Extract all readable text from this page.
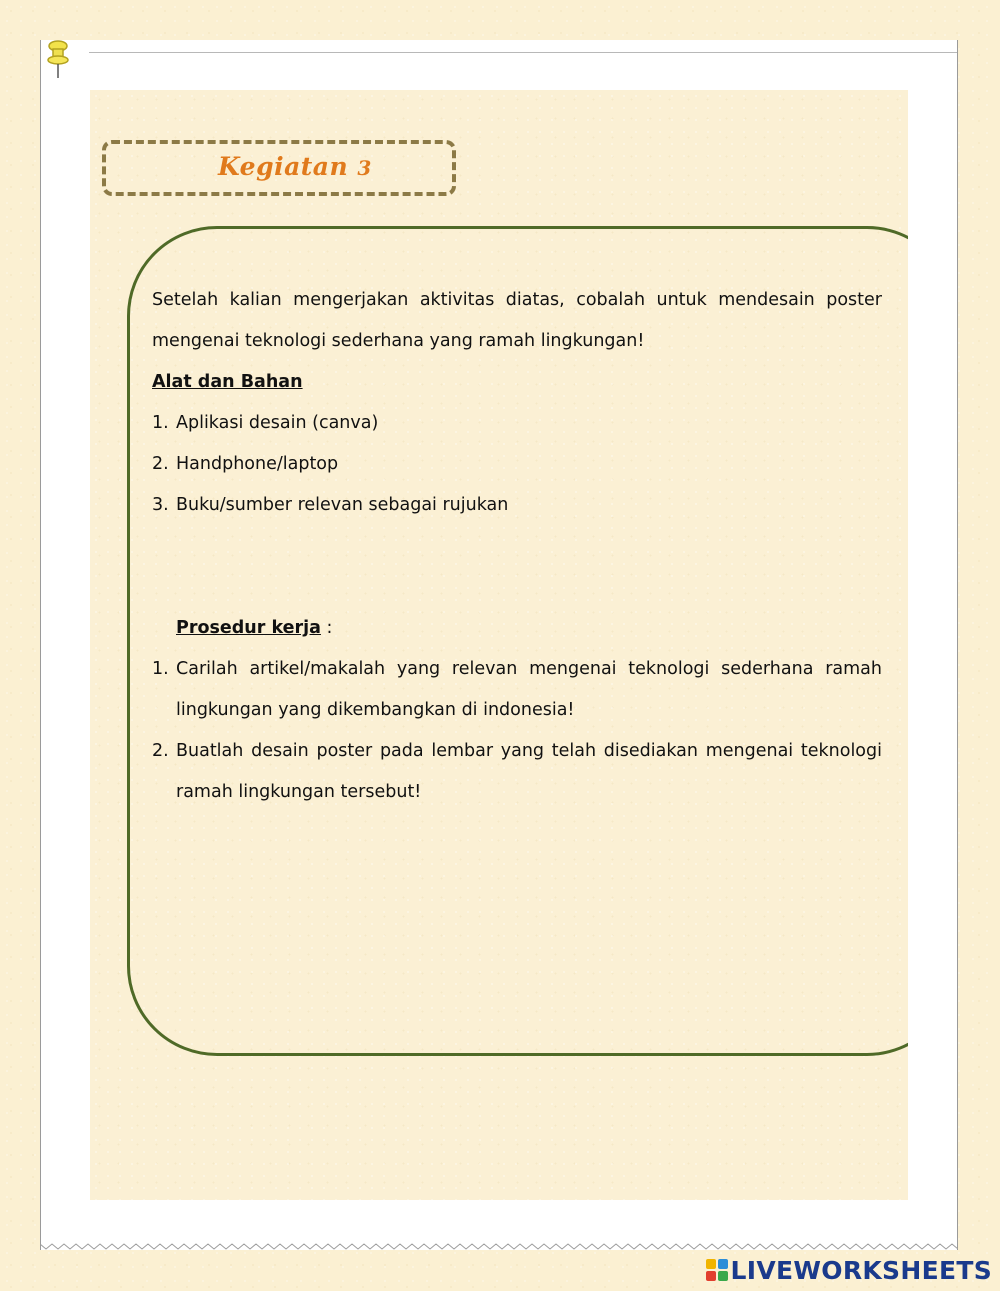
Kegiatan 3

Setelah kalian mengerjakan aktivitas diatas, cobalah untuk mendesain poster mengenai teknologi sederhana yang ramah lingkungan!

Alat dan Bahan

1. Aplikasi desain (canva)
2. Handphone/laptop
3. Buku/sumber relevan sebagai rujukan

Prosedur kerja :

1. Carilah artikel/makalah yang relevan mengenai teknologi sederhana ramah lingkungan yang dikembangkan di indonesia!
2. Buatlah desain poster pada lembar yang telah disediakan mengenai teknologi ramah lingkungan tersebut!
LIVEWORKSHEETS
